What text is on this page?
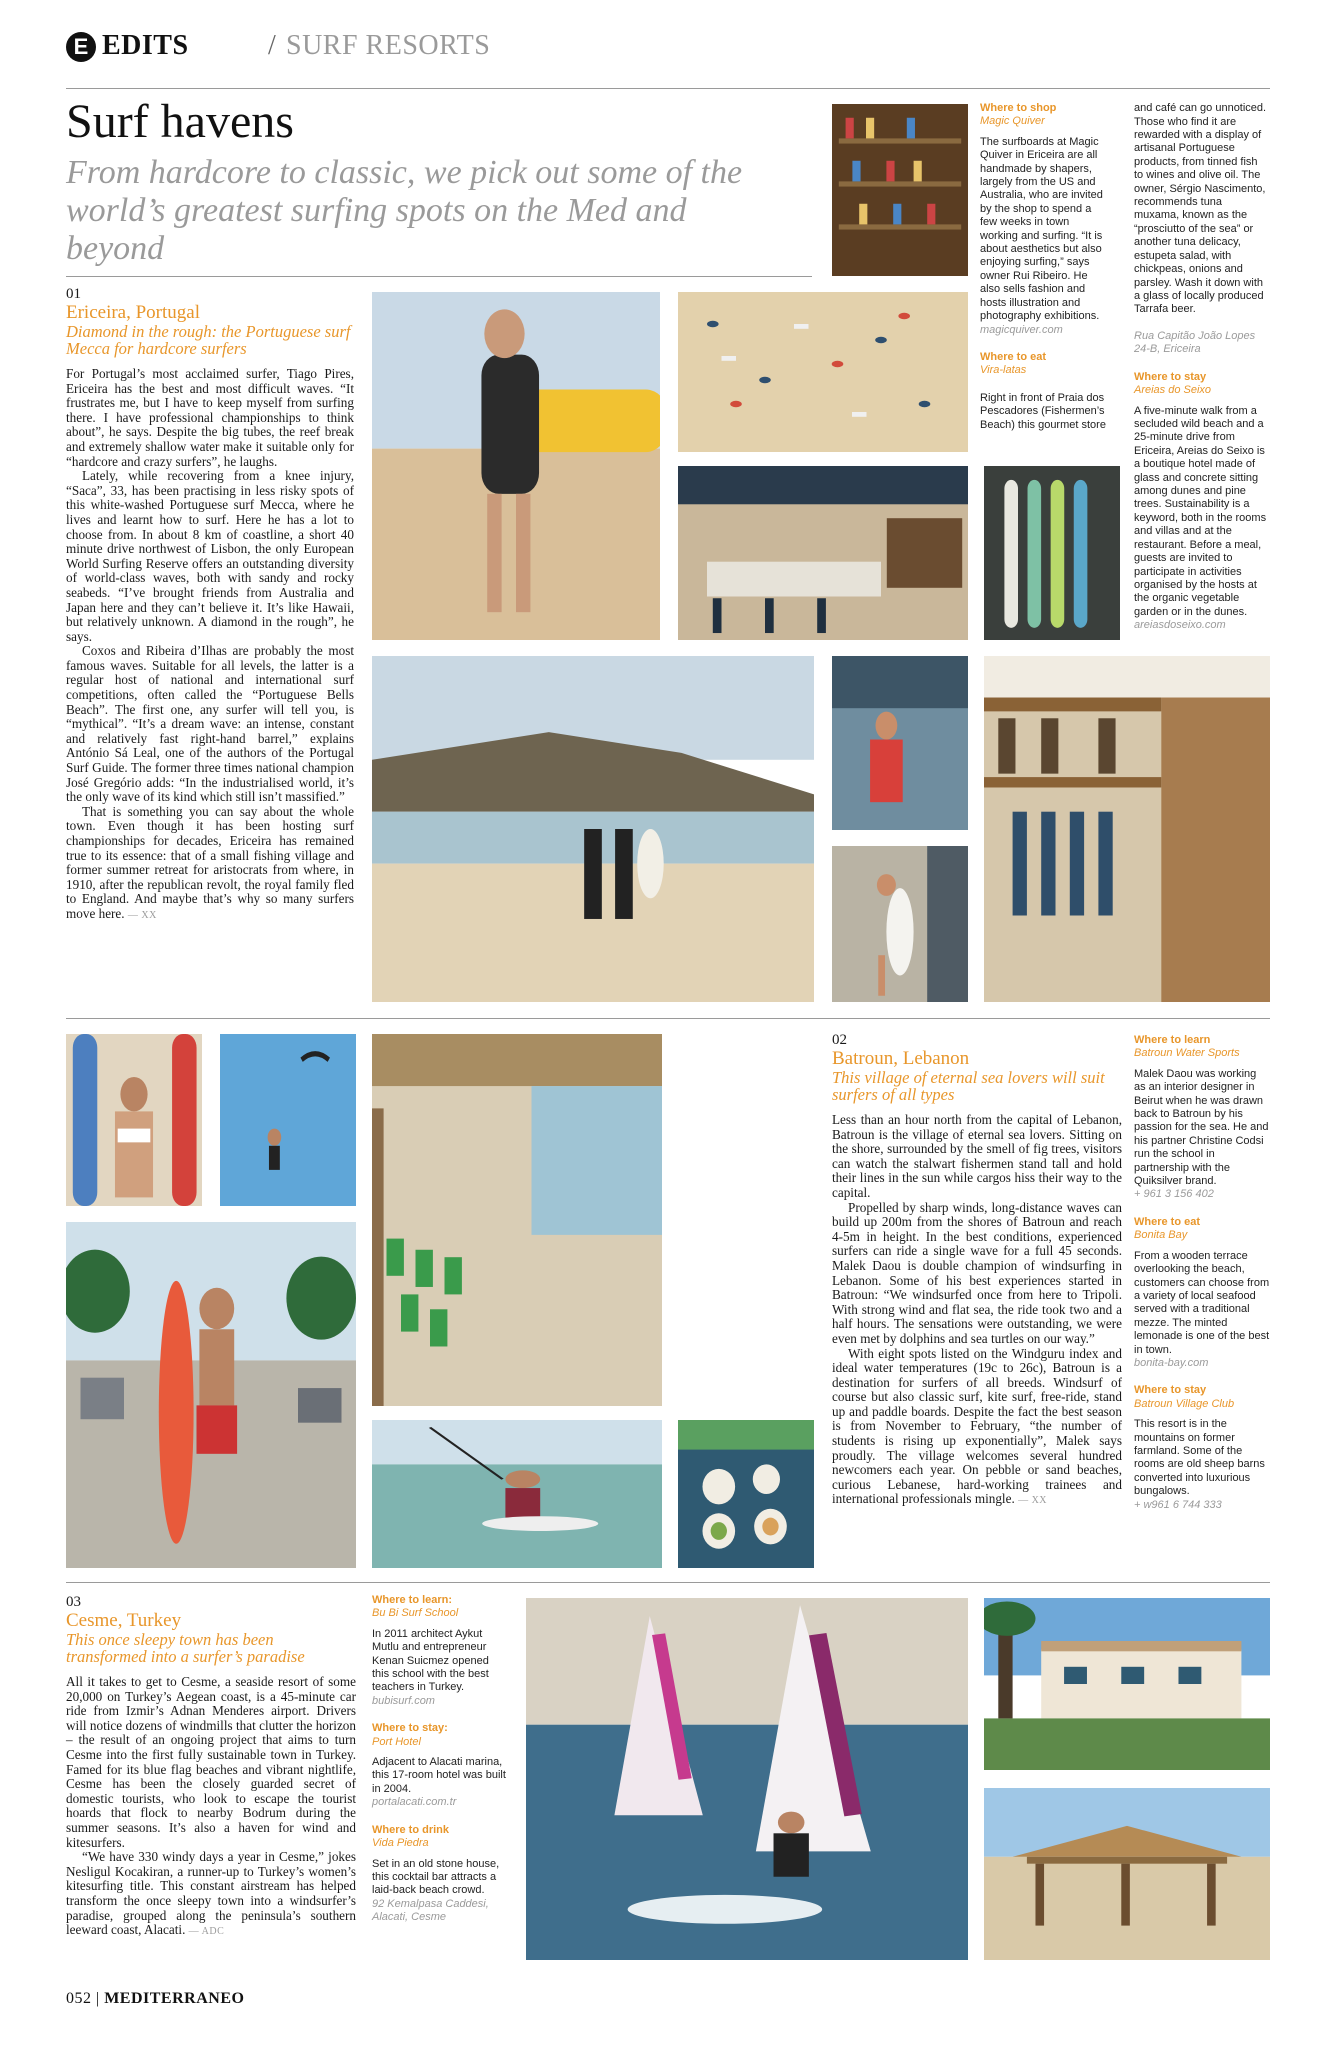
E EDITS	/ SURF RESORTS
Surf havens
From hardcore to classic, we pick out some of the world’s greatest surfing spots on the Med and beyond
01
Ericeira, Portugal
Diamond in the rough: the Portuguese surf Mecca for hardcore surfers

For Portugal’s most acclaimed surfer, Tiago Pires, Ericeira has the best and most difficult waves. “It frustrates me, but I have to keep myself from surfing there. I have professional championships to think about”, he says. Despite the big tubes, the reef break and extremely shallow water make it suitable only for “hardcore and crazy surfers”, he laughs.

Lately, while recovering from a knee injury, “Saca”, 33, has been practising in less risky spots of this white-washed Portuguese surf Mecca, where he lives and learnt how to surf. Here he has a lot to choose from. In about 8 km of coastline, a short 40 minute drive northwest of Lisbon, the only European World Surfing Reserve offers an outstanding diversity of world-class waves, both with sandy and rocky seabeds. “I’ve brought friends from Australia and Japan here and they can’t believe it. It’s like Hawaii, but relatively unknown. A diamond in the rough”, he says.

Coxos and Ribeira d’Ilhas are probably the most famous waves. Suitable for all levels, the latter is a regular host of national and international surf competitions, often called the “Portuguese Bells Beach”. The first one, any surfer will tell you, is “mythical”. “It’s a dream wave: an intense, constant and relatively fast right-hand barrel,” explains António Sá Leal, one of the authors of the Portugal Surf Guide. The former three times national champion José Gregório adds: “In the industrialised world, it’s the only wave of its kind which still isn’t massified.”

That is something you can say about the whole town. Even though it has been hosting surf championships for decades, Ericeira has remained true to its essence: that of a small fishing village and former summer retreat for aristocrats from where, in 1910, after the republican revolt, the royal family fled to England. And maybe that’s why so many surfers move here. — XX

Where to shop
Magic Quiver
The surfboards at Magic Quiver in Ericeira are all handmade by shapers, largely from the US and Australia, who are invited by the shop to spend a few weeks in town working and surfing. “It is about aesthetics but also enjoying surfing,” says owner Rui Ribeiro. He also sells fashion and hosts illustration and photography exhibitions.
magicquiver.com
Where to eat
Vira-latas
Right in front of Praia dos Pescadores (Fishermen’s Beach) this gourmet store
and café can go unnoticed. Those who find it are rewarded with a display of artisanal Portuguese products, from tinned fish to wines and olive oil. The owner, Sérgio Nascimento, recommends tuna muxama, known as the “prosciutto of the sea” or another tuna delicacy, estupeta salad, with chickpeas, onions and parsley. Wash it down with a glass of locally produced Tarrafa beer.
Rua Capitão João Lopes 24-B, Ericeira
Where to stay
Areias do Seixo
A five-minute walk from a secluded wild beach and a 25-minute drive from Ericeira, Areias do Seixo is a boutique hotel made of glass and concrete sitting among dunes and pine trees. Sustainability is a keyword, both in the rooms and villas and at the restaurant. Before a meal, guests are invited to participate in activities organised by the hosts at the organic vegetable garden or in the dunes.
areiasdoseixo.com
02
Batroun, Lebanon
This village of eternal sea lovers will suit surfers of all types

Less than an hour north from the capital of Lebanon, Batroun is the village of eternal sea lovers. Sitting on the shore, surrounded by the smell of fig trees, visitors can watch the stalwart fishermen stand tall and hold their lines in the sun while cargos hiss their way to the capital.

Propelled by sharp winds, long-distance waves can build up 200m from the shores of Batroun and reach 4-5m in height. In the best conditions, experienced surfers can ride a single wave for a full 45 seconds. Malek Daou is double champion of windsurfing in Lebanon. Some of his best experiences started in Batroun: “We windsurfed once from here to Tripoli. With strong wind and flat sea, the ride took two and a half hours. The sensations were outstanding, we were even met by dolphins and sea turtles on our way.”

With eight spots listed on the Windguru index and ideal water temperatures (19c to 26c), Batroun is a destination for surfers of all breeds. Windsurf of course but also classic surf, kite surf, free-ride, stand up and paddle boards. Despite the fact the best season is from November to February, “the number of students is rising up exponentially”, Malek says proudly. The village welcomes several hundred newcomers each year. On pebble or sand beaches, curious Lebanese, hard-working trainees and international professionals mingle. — XX

Where to learn
Batroun Water Sports
Malek Daou was working as an interior designer in Beirut when he was drawn back to Batroun by his passion for the sea. He and his partner Christine Codsi run the school in partnership with the Quiksilver brand.
+ 961 3 156 402
Where to eat
Bonita Bay
From a wooden terrace overlooking the beach, customers can choose from a variety of local seafood served with a traditional mezze. The minted lemonade is one of the best in town.
bonita-bay.com
Where to stay
Batroun Village Club
This resort is in the mountains on former farmland. Some of the rooms are old sheep barns converted into luxurious bungalows.
+ w961 6 744 333
03
Cesme, Turkey
This once sleepy town has been transformed into a surfer’s paradise

All it takes to get to Cesme, a seaside resort of some 20,000 on Turkey’s Aegean coast, is a 45-minute car ride from Izmir’s Adnan Menderes airport. Drivers will notice dozens of windmills that clutter the horizon – the result of an ongoing project that aims to turn Cesme into the first fully sustainable town in Turkey. Famed for its blue flag beaches and vibrant nightlife, Cesme has been the closely guarded secret of domestic tourists, who look to escape the tourist hoards that flock to nearby Bodrum during the summer seasons. It’s also a haven for wind and kitesurfers.

“We have 330 windy days a year in Cesme,” jokes Nesligul Kocakiran, a runner-up to Turkey’s women’s kitesurfing title. This constant airstream has helped transform the once sleepy town into a windsurfer’s paradise, grouped along the peninsula’s southern leeward coast, Alacati. — ADC

Where to learn:
Bu Bi Surf School
In 2011 architect Aykut Mutlu and entrepreneur Kenan Suicmez opened this school with the best teachers in Turkey.
bubisurf.com
Where to stay:
Port Hotel
Adjacent to Alacati marina, this 17-room hotel was built in 2004.
portalacati.com.tr
Where to drink
Vida Piedra
Set in an old stone house, this cocktail bar attracts a laid-back beach crowd.
92 Kemalpasa Caddesi, Alacati, Cesme
052 | MEDITERRANEO
